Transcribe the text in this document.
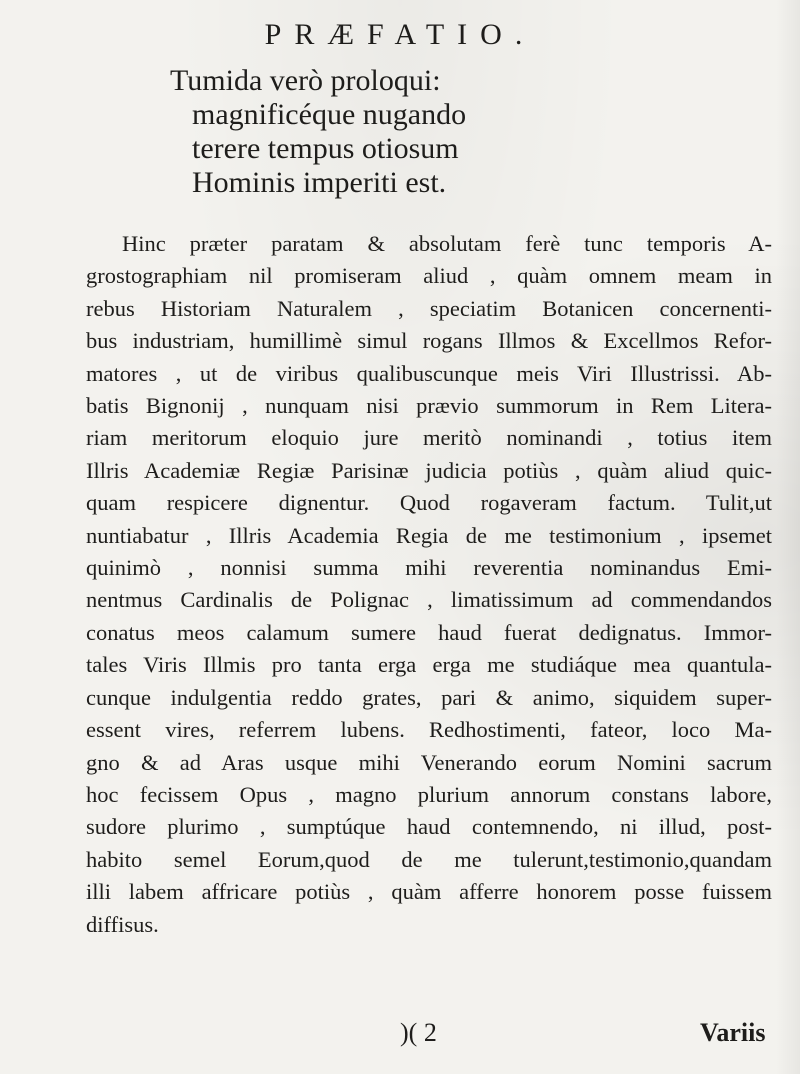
PRÆFATIO.

Tumida verò proloqui:

magnificéque nugando

terere tempus otiosum

Hominis imperiti est.

Hinc præter paratam & absolutam ferè tunc temporis A-

grostographiam nil promiseram aliud , quàm omnem meam in

rebus Historiam Naturalem , speciatim Botanicen concernenti-

bus industriam, humillimè simul rogans Illmos & Excellmos Refor-

matores , ut de viribus qualibuscunque meis Viri Illustrissi. Ab-

batis Bignonij , nunquam nisi prævio summorum in Rem Litera-

riam meritorum eloquio jure meritò nominandi , totius item

Illris Academiæ Regiæ Parisinæ judicia potiùs , quàm aliud quic-

quam respicere dignentur. Quod rogaveram factum. Tulit,ut

nuntiabatur , Illris Academia Regia de me testimonium , ipsemet

quinimò , nonnisi summa mihi reverentia nominandus Emi-

nentmus Cardinalis de Polignac , limatissimum ad commendandos

conatus meos calamum sumere haud fuerat dedignatus. Immor-

tales Viris Illmis pro tanta erga erga me studiáque mea quantula-

cunque indulgentia reddo grates, pari & animo, siquidem super-

essent vires, referrem lubens. Redhostimenti, fateor, loco Ma-

gno & ad Aras usque mihi Venerando eorum Nomini sacrum

hoc fecissem Opus , magno plurium annorum constans labore,

sudore plurimo , sumptúque haud contemnendo, ni illud, post-

habito semel Eorum,quod de me tulerunt,testimonio,quandam

illi labem affricare potiùs , quàm afferre honorem posse fuissem

diffisus.

)( 2	Variis
